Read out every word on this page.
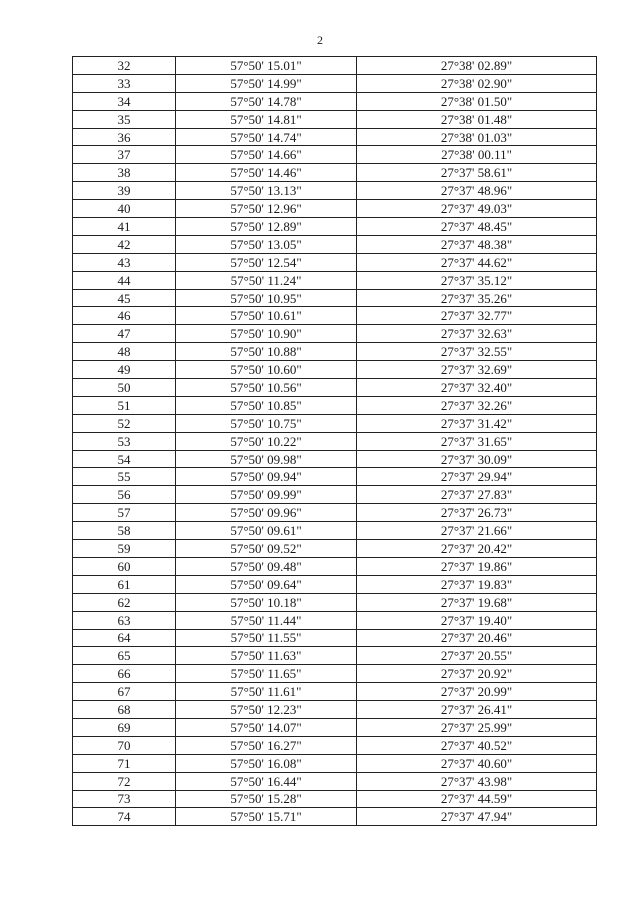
2
32	57°50' 15.01"	27°38' 02.89"
33	57°50' 14.99"	27°38' 02.90"
34	57°50' 14.78"	27°38' 01.50"
35	57°50' 14.81"	27°38' 01.48"
36	57°50' 14.74"	27°38' 01.03"
37	57°50' 14.66"	27°38' 00.11"
38	57°50' 14.46"	27°37' 58.61"
39	57°50' 13.13"	27°37' 48.96"
40	57°50' 12.96"	27°37' 49.03"
41	57°50' 12.89"	27°37' 48.45"
42	57°50' 13.05"	27°37' 48.38"
43	57°50' 12.54"	27°37' 44.62"
44	57°50' 11.24"	27°37' 35.12"
45	57°50' 10.95"	27°37' 35.26"
46	57°50' 10.61"	27°37' 32.77"
47	57°50' 10.90"	27°37' 32.63"
48	57°50' 10.88"	27°37' 32.55"
49	57°50' 10.60"	27°37' 32.69"
50	57°50' 10.56"	27°37' 32.40"
51	57°50' 10.85"	27°37' 32.26"
52	57°50' 10.75"	27°37' 31.42"
53	57°50' 10.22"	27°37' 31.65"
54	57°50' 09.98"	27°37' 30.09"
55	57°50' 09.94"	27°37' 29.94"
56	57°50' 09.99"	27°37' 27.83"
57	57°50' 09.96"	27°37' 26.73"
58	57°50' 09.61"	27°37' 21.66"
59	57°50' 09.52"	27°37' 20.42"
60	57°50' 09.48"	27°37' 19.86"
61	57°50' 09.64"	27°37' 19.83"
62	57°50' 10.18"	27°37' 19.68"
63	57°50' 11.44"	27°37' 19.40"
64	57°50' 11.55"	27°37' 20.46"
65	57°50' 11.63"	27°37' 20.55"
66	57°50' 11.65"	27°37' 20.92"
67	57°50' 11.61"	27°37' 20.99"
68	57°50' 12.23"	27°37' 26.41"
69	57°50' 14.07"	27°37' 25.99"
70	57°50' 16.27"	27°37' 40.52"
71	57°50' 16.08"	27°37' 40.60"
72	57°50' 16.44"	27°37' 43.98"
73	57°50' 15.28"	27°37' 44.59"
74	57°50' 15.71"	27°37' 47.94"
